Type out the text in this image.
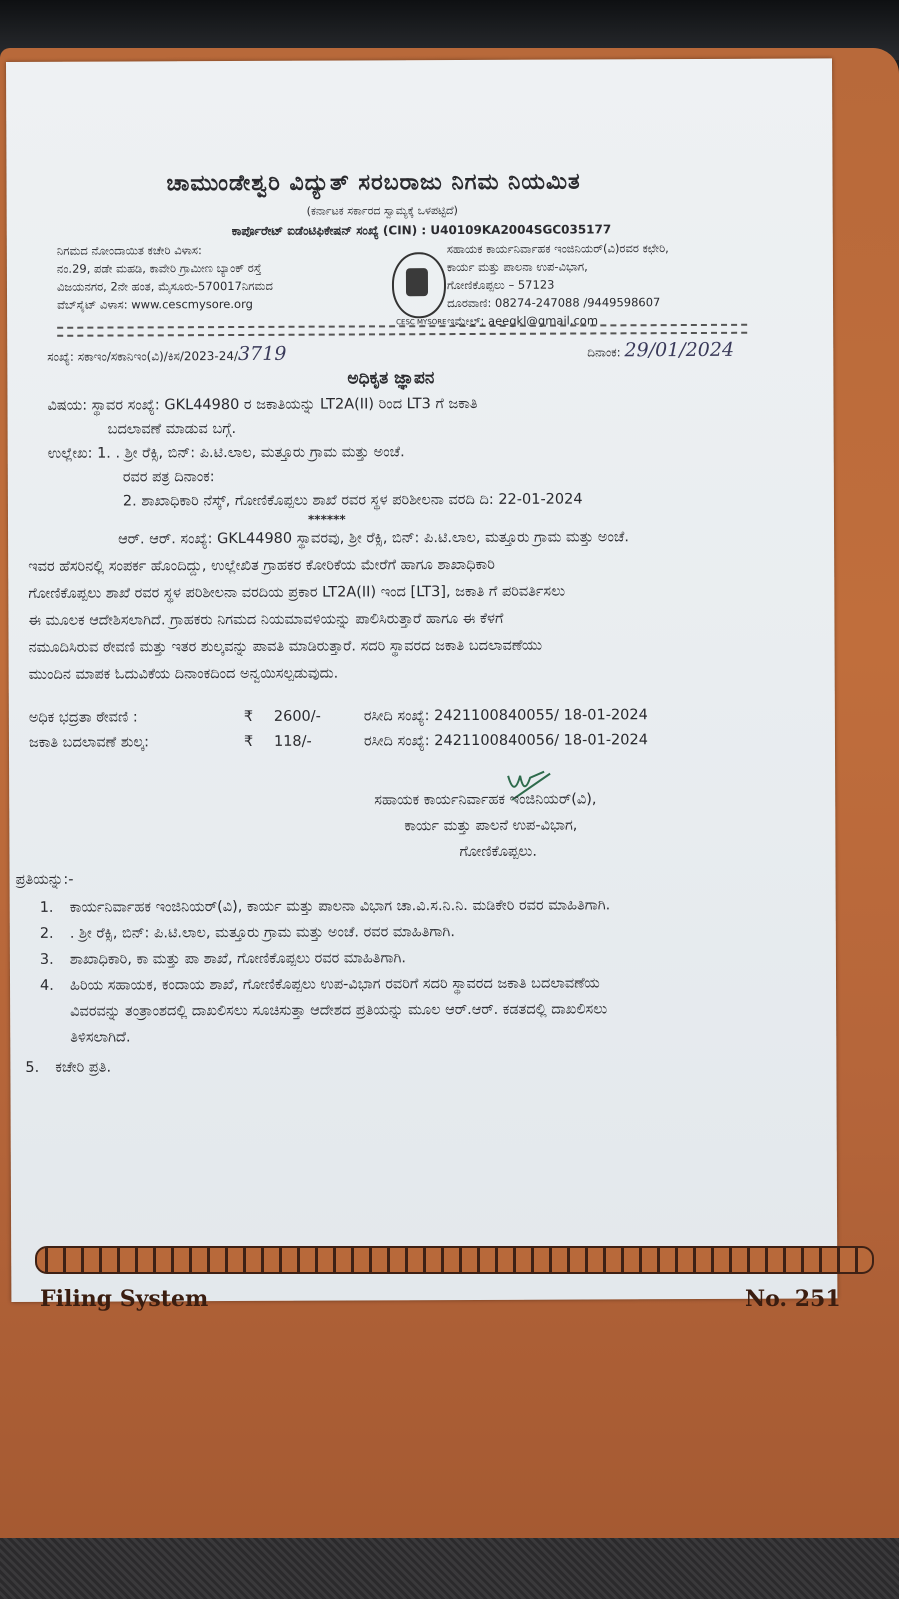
ಚಾಮುಂಡೇಶ್ವರಿ ವಿದ್ಯುತ್ ಸರಬರಾಜು ನಿಗಮ ನಿಯಮಿತ
(ಕರ್ನಾಟಕ ಸರ್ಕಾರದ ಸ್ವಾಮ್ಯಕ್ಕೆ ಒಳಪಟ್ಟಿದೆ)
ಕಾರ್ಪೊರೇಟ್ ಐಡೆಂಟಿಫಿಕೇಷನ್ ಸಂಖ್ಯೆ (CIN) : U40109KA2004SGC035177
ನಿಗಮದ ನೋಂದಾಯಿತ ಕಚೇರಿ ವಿಳಾಸ:
ನಂ.29, ಪಡೇ ಮಹಡಿ, ಕಾವೇರಿ ಗ್ರಾಮೀಣ ಬ್ಯಾಂಕ್ ರಸ್ತೆ
ವಿಜಯನಗರ, 2ನೇ ಹಂತ, ಮೈಸೂರು-570017ನಿಗಮದ
ವೆಬ್‌ಸೈಟ್ ವಿಳಾಸ: www.cescmysore.org
CESC MYSORE
ಸಹಾಯಕ ಕಾರ್ಯನಿರ್ವಾಹಕ ಇಂಜಿನಿಯರ್(ವಿ)ರವರ ಕಛೇರಿ,
ಕಾರ್ಯ ಮತ್ತು ಪಾಲನಾ ಉಪ-ವಿಭಾಗ,
ಗೋಣಿಕೊಪ್ಪಲು – 57123
ದೂರವಾಣಿ: 08274-247088 /9449598607
ಇಮೇಲ್: aeegkl@gmail.com
ಸಂಖ್ಯೆ: ಸಕಾಇಂ/ಸಕಾನಿಇಂ(ವಿ)/ಕಿಸ/2023-24/3719	ದಿನಾಂಕ: 29/01/2024
ಅಧಿಕೃತ ಜ್ಞಾಪನ
ವಿಷಯ: ಸ್ಥಾವರ ಸಂಖ್ಯೆ: GKL44980 ರ ಜಕಾತಿಯನ್ನು LT2A(II) ರಿಂದ LT3 ಗೆ ಜಕಾತಿ
ಬದಲಾವಣೆ ಮಾಡುವ ಬಗ್ಗೆ.
ಉಲ್ಲೇಖ: 1. . ಶ್ರೀ ರೆಕ್ಸಿ, ಬಿನ್: ಪಿ.ಟಿ.ಲಾಲ, ಮತ್ತೂರು ಗ್ರಾಮ ಮತ್ತು ಅಂಚೆ.
ರವರ ಪತ್ರ ದಿನಾಂಕ:
2. ಶಾಖಾಧಿಕಾರಿ ನೆಸ್ಕ್, ಗೋಣಿಕೊಪ್ಪಲು ಶಾಖೆ ರವರ ಸ್ಥಳ ಪರಿಶೀಲನಾ ವರದಿ ದಿ: 22-01-2024
******
ಆರ್. ಆರ್. ಸಂಖ್ಯೆ: GKL44980 ಸ್ಥಾವರವು, ಶ್ರೀ ರೆಕ್ಸಿ, ಬಿನ್: ಪಿ.ಟಿ.ಲಾಲ, ಮತ್ತೂರು ಗ್ರಾಮ ಮತ್ತು ಅಂಚೆ.
ಇವರ ಹೆಸರಿನಲ್ಲಿ ಸಂಪರ್ಕ ಹೊಂದಿದ್ದು, ಉಲ್ಲೇಖಿತ ಗ್ರಾಹಕರ ಕೋರಿಕೆಯ ಮೇರೆಗೆ ಹಾಗೂ ಶಾಖಾಧಿಕಾರಿ
ಗೋಣಿಕೊಪ್ಪಲು ಶಾಖೆ ರವರ ಸ್ಥಳ ಪರಿಶೀಲನಾ ವರದಿಯ ಪ್ರಕಾರ LT2A(II) ಇಂದ [LT3], ಜಕಾತಿ ಗೆ ಪರಿವರ್ತಿಸಲು
ಈ ಮೂಲಕ ಆದೇಶಿಸಲಾಗಿದೆ. ಗ್ರಾಹಕರು ನಿಗಮದ ನಿಯಮಾವಳಿಯನ್ನು ಪಾಲಿಸಿರುತ್ತಾರೆ ಹಾಗೂ ಈ ಕೆಳಗೆ
ನಮೂದಿಸಿರುವ ಠೇವಣಿ ಮತ್ತು ಇತರ ಶುಲ್ಕವನ್ನು ಪಾವತಿ ಮಾಡಿರುತ್ತಾರೆ. ಸದರಿ ಸ್ಥಾವರದ ಜಕಾತಿ ಬದಲಾವಣೆಯು
ಮುಂದಿನ ಮಾಪಕ ಓದುವಿಕೆಯ ದಿನಾಂಕದಿಂದ ಅನ್ವಯಿಸಲ್ಪಡುವುದು.
ಅಧಿಕ ಭದ್ರತಾ ಠೇವಣಿ :	₹ 2600/-	ರಸೀದಿ ಸಂಖ್ಯೆ: 2421100840055/ 18-01-2024
ಜಕಾತಿ ಬದಲಾವಣೆ ಶುಲ್ಕ:	₹ 118/-	ರಸೀದಿ ಸಂಖ್ಯೆ: 2421100840056/ 18-01-2024
ಸಹಾಯಕ ಕಾರ್ಯನಿರ್ವಾಹಕ ಇಂಜಿನಿಯರ್(ವಿ),
ಕಾರ್ಯ ಮತ್ತು ಪಾಲನೆ ಉಪ-ವಿಭಾಗ,
ಗೋಣಿಕೊಪ್ಪಲು.
ಪ್ರತಿಯನ್ನು:-
1. ಕಾರ್ಯನಿರ್ವಾಹಕ ಇಂಜಿನಿಯರ್(ವಿ), ಕಾರ್ಯ ಮತ್ತು ಪಾಲನಾ ವಿಭಾಗ ಚಾ.ವಿ.ಸ.ನಿ.ನಿ. ಮಡಿಕೇರಿ ರವರ ಮಾಹಿತಿಗಾಗಿ.
2. . ಶ್ರೀ ರೆಕ್ಸಿ, ಬಿನ್: ಪಿ.ಟಿ.ಲಾಲ, ಮತ್ತೂರು ಗ್ರಾಮ ಮತ್ತು ಅಂಚೆ. ರವರ ಮಾಹಿತಿಗಾಗಿ.
3. ಶಾಖಾಧಿಕಾರಿ, ಕಾ ಮತ್ತು ಪಾ ಶಾಖೆ, ಗೋಣಿಕೊಪ್ಪಲು ರವರ ಮಾಹಿತಿಗಾಗಿ.
4. ಹಿರಿಯ ಸಹಾಯಕ, ಕಂದಾಯ ಶಾಖೆ, ಗೋಣಿಕೊಪ್ಪಲು ಉಪ-ವಿಭಾಗ ರವರಿಗೆ ಸದರಿ ಸ್ಥಾವರದ ಜಕಾತಿ ಬದಲಾವಣೆಯ
ವಿವರವನ್ನು ತಂತ್ರಾಂಶದಲ್ಲಿ ದಾಖಲಿಸಲು ಸೂಚಿಸುತ್ತಾ ಆದೇಶದ ಪ್ರತಿಯನ್ನು ಮೂಲ ಆರ್.ಆರ್. ಕಡತದಲ್ಲಿ ದಾಖಲಿಸಲು
ತಿಳಿಸಲಾಗಿದೆ.
5. ಕಚೇರಿ ಪ್ರತಿ.
Filing System	No. 251
